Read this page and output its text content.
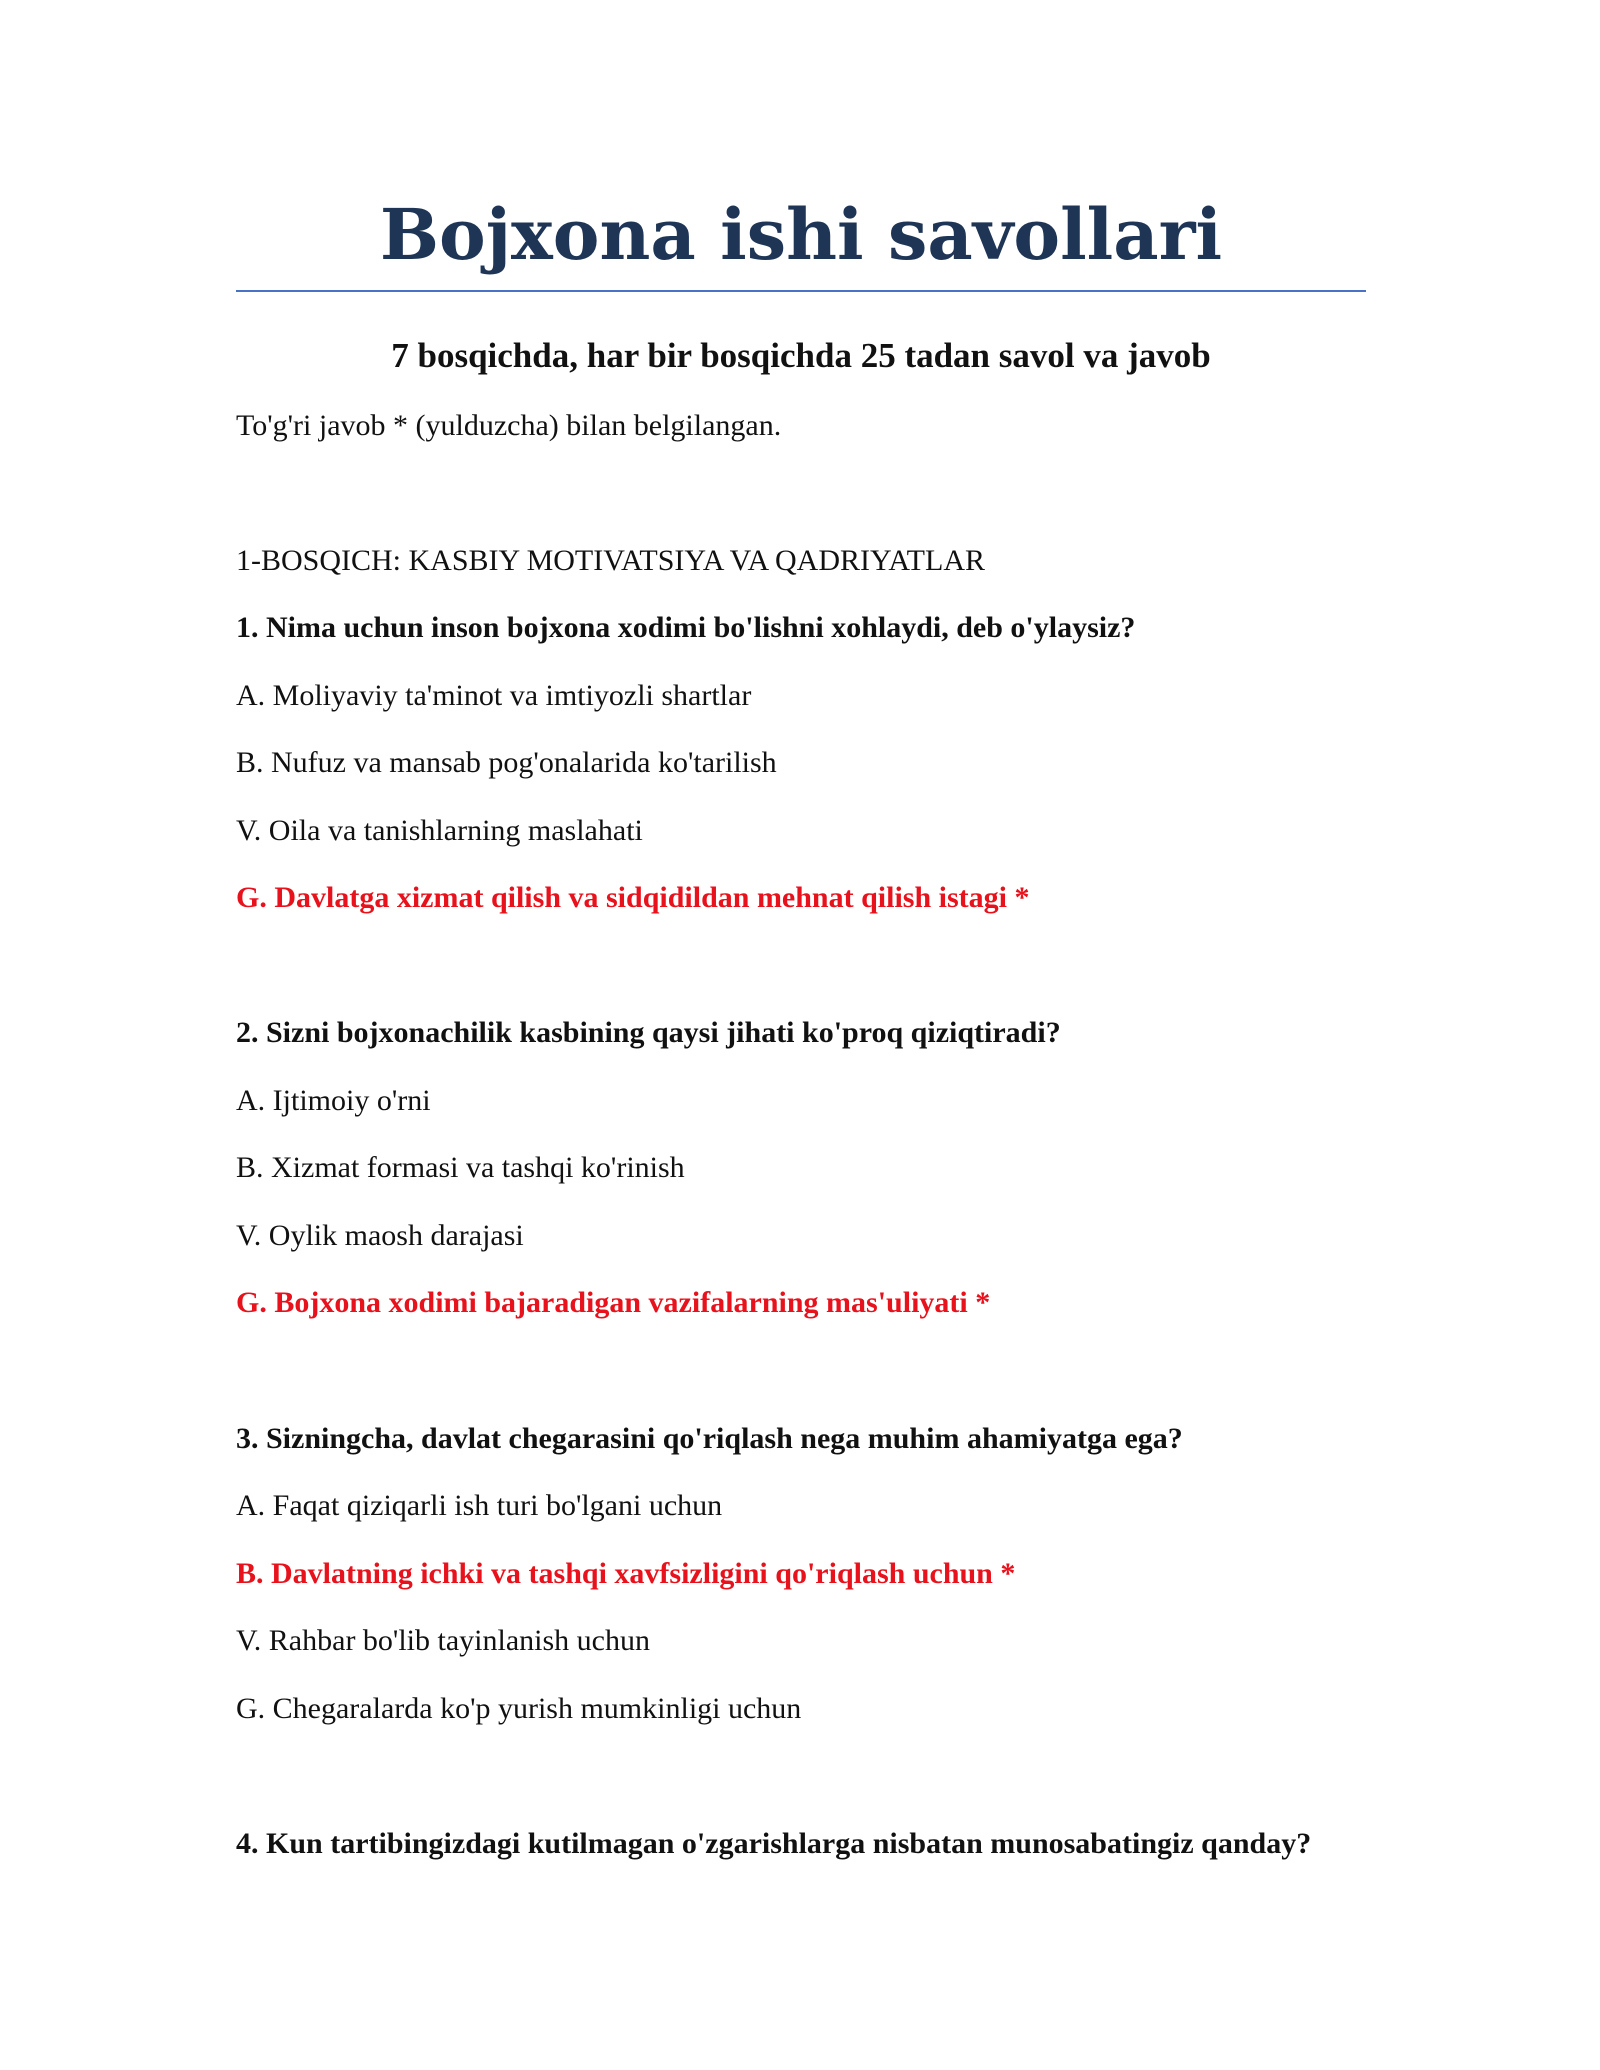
Bojxona ishi savollari

7 bosqichda, har bir bosqichda 25 tadan savol va javob

To'g'ri javob * (yulduzcha) bilan belgilangan.

1-BOSQICH: KASBIY MOTIVATSIYA VA QADRIYATLAR

1. Nima uchun inson bojxona xodimi bo'lishni xohlaydi, deb o'ylaysiz?

A. Moliyaviy ta'minot va imtiyozli shartlar

B. Nufuz va mansab pog'onalarida ko'tarilish

V. Oila va tanishlarning maslahati

G. Davlatga xizmat qilish va sidqidildan mehnat qilish istagi *

2. Sizni bojxonachilik kasbining qaysi jihati ko'proq qiziqtiradi?

A. Ijtimoiy o'rni

B. Xizmat formasi va tashqi ko'rinish

V. Oylik maosh darajasi

G. Bojxona xodimi bajaradigan vazifalarning mas'uliyati *

3. Sizningcha, davlat chegarasini qo'riqlash nega muhim ahamiyatga ega?

A. Faqat qiziqarli ish turi bo'lgani uchun

B. Davlatning ichki va tashqi xavfsizligini qo'riqlash uchun *

V. Rahbar bo'lib tayinlanish uchun

G. Chegaralarda ko'p yurish mumkinligi uchun

4. Kun tartibingizdagi kutilmagan o'zgarishlarga nisbatan munosabatingiz qanday?
